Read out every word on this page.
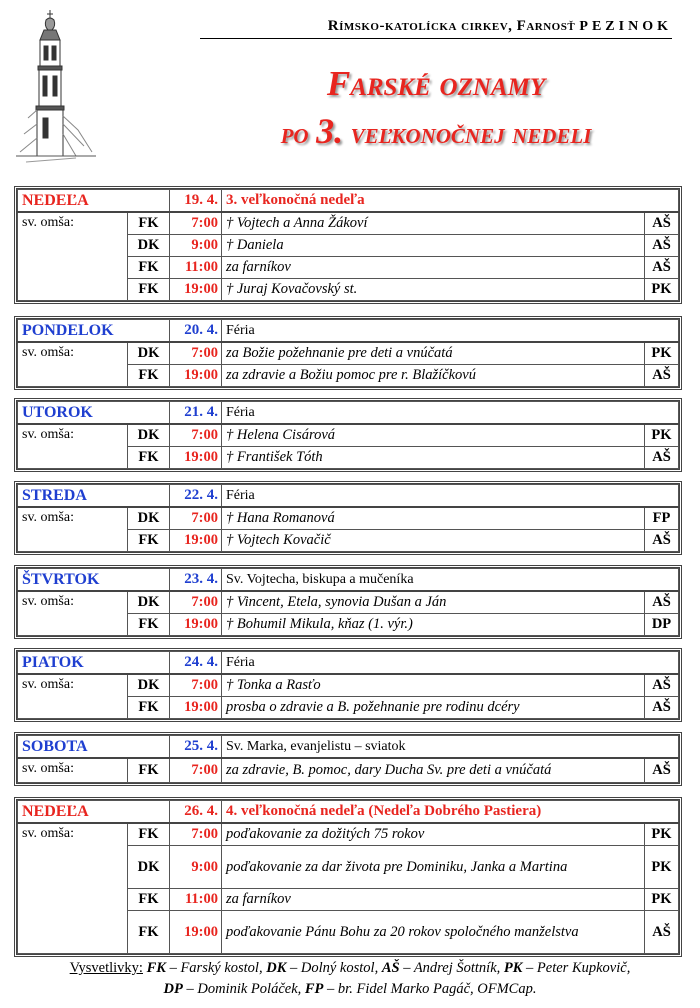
Rímsko-katolícka cirkev, Farnosť PEZINOK
Farské oznamy
po 3. veľkonočnej nedeli
NEDEĽA		19. 4.	3. veľkonočná nedeľa	
sv. omša:	FK	7:00	† Vojtech a Anna Žákoví	AŠ
	DK	9:00	† Daniela	AŠ
	FK	11:00	za farníkov	AŠ
	FK	19:00	† Juraj Kovačovský st.	PK
PONDELOK		20. 4.	Féria	
sv. omša:	DK	7:00	za Božie požehnanie pre deti a vnúčatá	PK
	FK	19:00	za zdravie a Božiu pomoc pre r. Blažíčkovú	AŠ
UTOROK		21. 4.	Féria	
sv. omša:	DK	7:00	† Helena Cisárová	PK
	FK	19:00	† František Tóth	AŠ
STREDA		22. 4.	Féria	
sv. omša:	DK	7:00	† Hana Romanová	FP
	FK	19:00	† Vojtech Kovačič	AŠ
ŠTVRTOK		23. 4.	Sv. Vojtecha, biskupa a mučeníka	
sv. omša:	DK	7:00	† Vincent, Etela, synovia Dušan a Ján	AŠ
	FK	19:00	† Bohumil Mikula, kňaz (1. výr.)	DP
PIATOK		24. 4.	Féria	
sv. omša:	DK	7:00	† Tonka a Rasťo	AŠ
	FK	19:00	prosba o zdravie a B. požehnanie pre rodinu dcéry	AŠ
SOBOTA		25. 4.	Sv. Marka, evanjelistu – sviatok	
sv. omša:	FK	7:00	za zdravie, B. pomoc, dary Ducha Sv. pre deti a vnúčatá	AŠ
NEDEĽA		26. 4.	4. veľkonočná nedeľa (Nedeľa Dobrého Pastiera)	
sv. omša:	FK	7:00	poďakovanie za dožitých 75 rokov	PK
	DK	9:00	poďakovanie za dar života pre Dominiku, Janka a Martina	PK
	FK	11:00	za farníkov	PK
	FK	19:00	poďakovanie Pánu Bohu za 20 rokov spoločného manželstva	AŠ
Vysvetlivky: FK – Farský kostol, DK – Dolný kostol, AŠ – Andrej Šottník, PK – Peter Kupkovič,
DP – Dominik Poláček, FP – br. Fidel Marko Pagáč, OFMCap.
